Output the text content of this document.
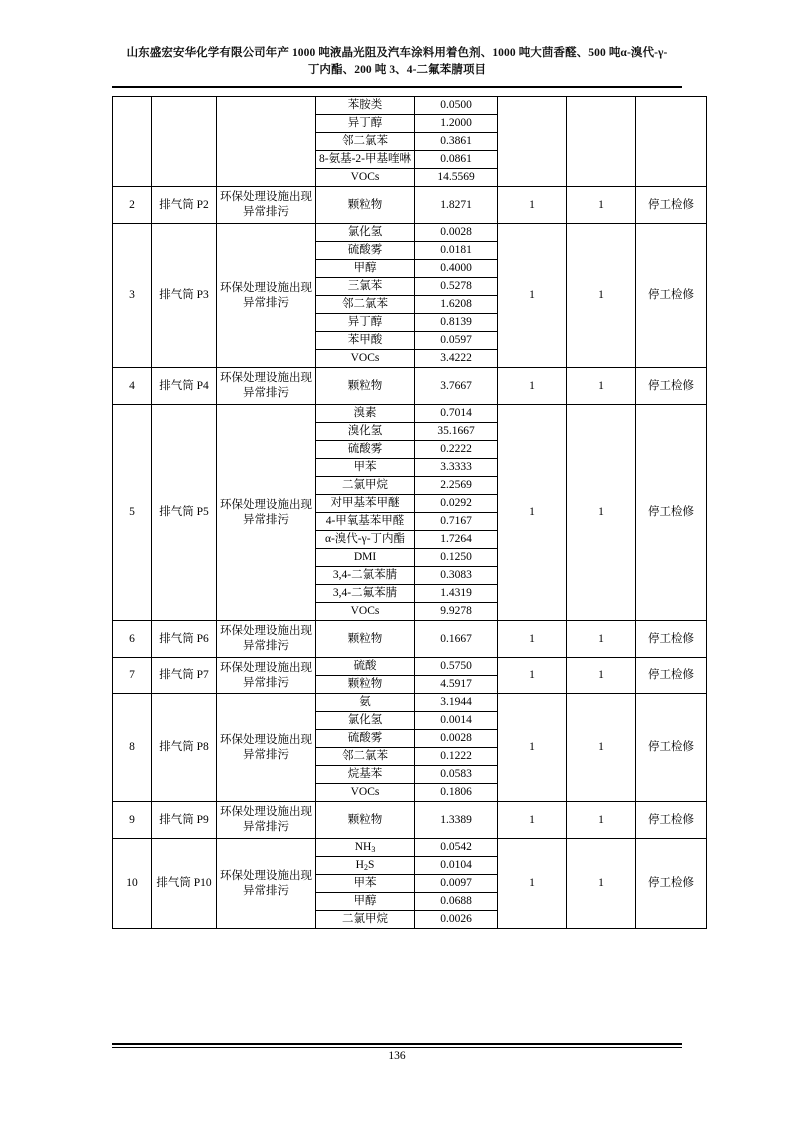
山东盛宏安华化学有限公司年产 1000 吨液晶光阻及汽车涂料用着色剂、1000 吨大茴香醛、500 吨α-溴代-γ-
丁内酯、200 吨 3、4-二氟苯腈项目
			苯胺类	0.0500			
			异丁醇	1.2000			
			邻二氯苯	0.3861			
			8-氨基-2-甲基喹啉	0.0861			
			VOCs	14.5569			
2	排气筒 P2	环保处理设施出现异常排污	颗粒物	1.8271	1	1	停工检修
3	排气筒 P3	环保处理设施出现异常排污	氯化氢	0.0028	1	1	停工检修
			硫酸雾	0.0181			
			甲醇	0.4000			
			三氯苯	0.5278			
			邻二氯苯	1.6208			
			异丁醇	0.8139			
			苯甲酸	0.0597			
			VOCs	3.4222			
4	排气筒 P4	环保处理设施出现异常排污	颗粒物	3.7667	1	1	停工检修
5	排气筒 P5	环保处理设施出现异常排污	溴素	0.7014	1	1	停工检修
			溴化氢	35.1667			
			硫酸雾	0.2222			
			甲苯	3.3333			
			二氯甲烷	2.2569			
			对甲基苯甲醚	0.0292			
			4-甲氧基苯甲醛	0.7167			
			α-溴代-γ-丁内酯	1.7264			
			DMI	0.1250			
			3,4-二氯苯腈	0.3083			
			3,4-二氟苯腈	1.4319			
			VOCs	9.9278			
6	排气筒 P6	环保处理设施出现异常排污	颗粒物	0.1667	1	1	停工检修
7	排气筒 P7	环保处理设施出现异常排污	硫酸	0.5750	1	1	停工检修
			颗粒物	4.5917			
8	排气筒 P8	环保处理设施出现异常排污	氨	3.1944	1	1	停工检修
			氯化氢	0.0014			
			硫酸雾	0.0028			
			邻二氯苯	0.1222			
			烷基苯	0.0583			
			VOCs	0.1806			
9	排气筒 P9	环保处理设施出现异常排污	颗粒物	1.3389	1	1	停工检修
10	排气筒 P10	环保处理设施出现异常排污	$NH_3$	0.0542	1	1	停工检修
			$H_2S$	0.0104			
			甲苯	0.0097			
			甲醇	0.0688			
			二氯甲烷	0.0026			
136
